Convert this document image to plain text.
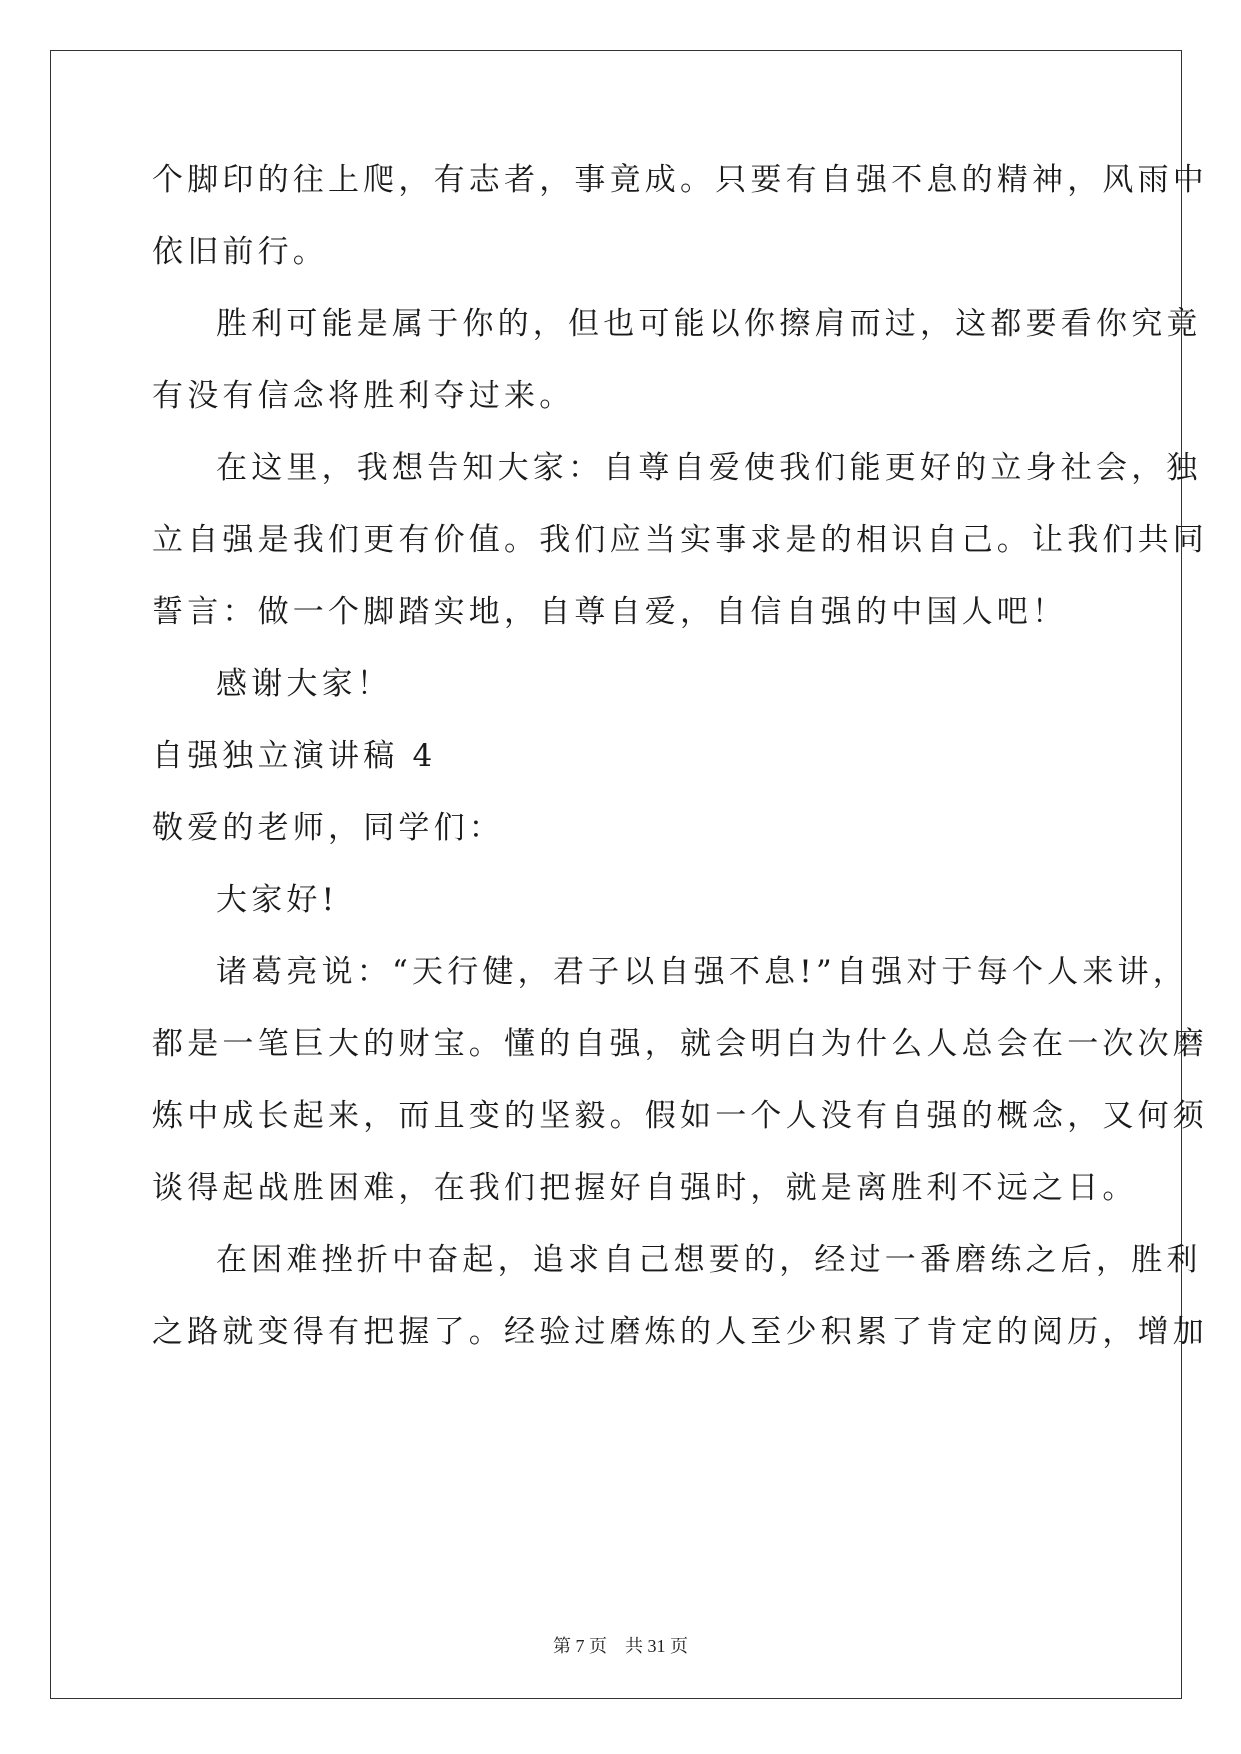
个脚印的往上爬，有志者，事竟成。只要有自强不息的精神，风雨中
依旧前行。
胜利可能是属于你的，但也可能以你擦肩而过，这都要看你究竟
有没有信念将胜利夺过来。
在这里，我想告知大家：自尊自爱使我们能更好的立身社会，独
立自强是我们更有价值。我们应当实事求是的相识自己。让我们共同
誓言：做一个脚踏实地，自尊自爱，自信自强的中国人吧！
感谢大家！
自强独立演讲稿 4
敬爱的老师，同学们：
大家好!
诸葛亮说：“天行健，君子以自强不息!”自强对于每个人来讲，
都是一笔巨大的财宝。懂的自强，就会明白为什么人总会在一次次磨
炼中成长起来，而且变的坚毅。假如一个人没有自强的概念，又何须
谈得起战胜困难，在我们把握好自强时，就是离胜利不远之日。
在困难挫折中奋起，追求自己想要的，经过一番磨练之后，胜利
之路就变得有把握了。经验过磨炼的人至少积累了肯定的阅历，增加
第 7 页 共 31 页
